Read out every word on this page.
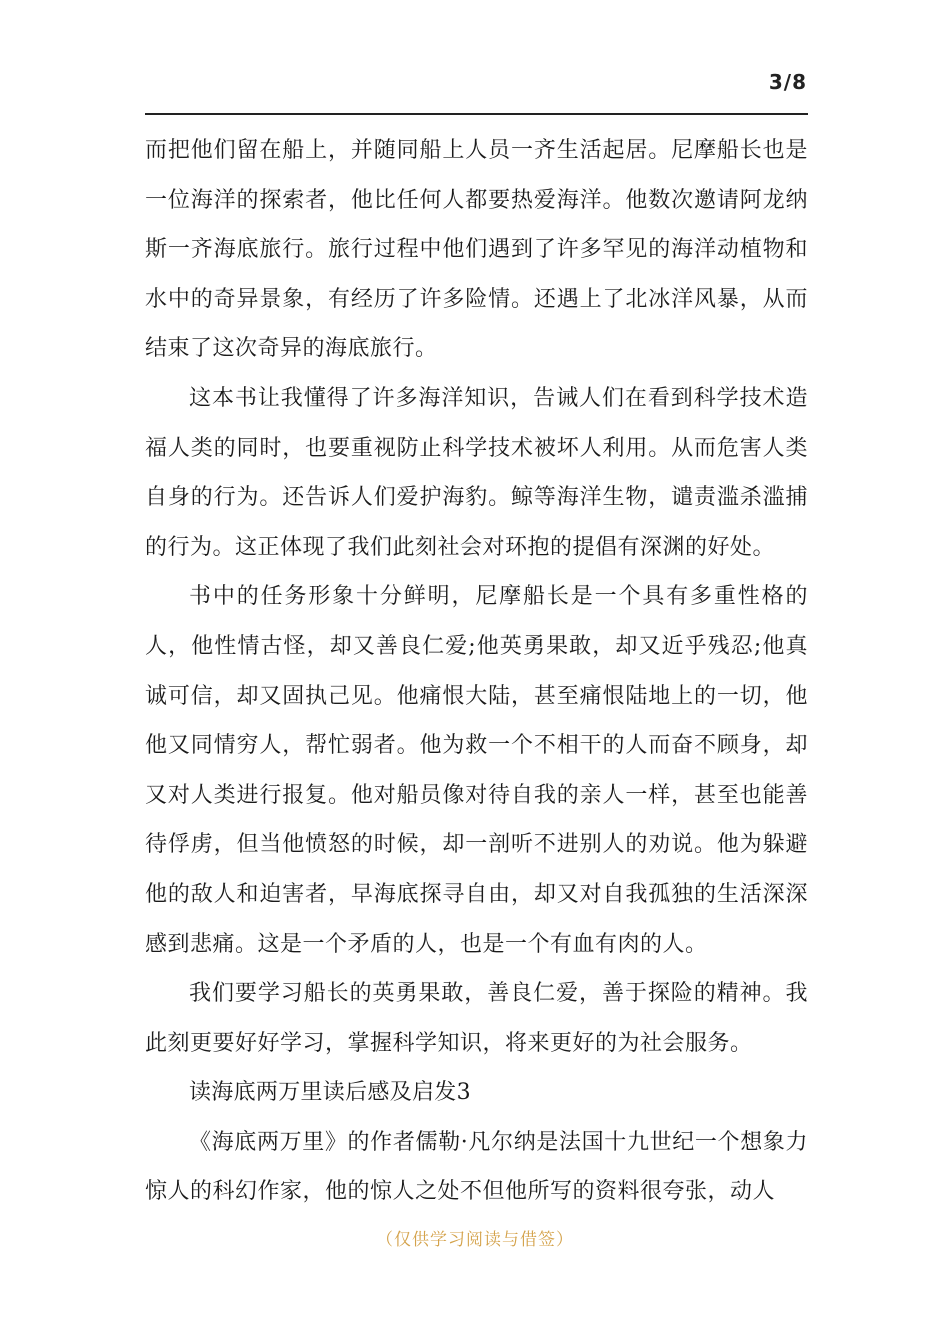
3/8

而把他们留在船上，并随同船上人员一齐生活起居。尼摩船长也是一位海洋的探索者，他比任何人都要热爱海洋。他数次邀请阿龙纳斯一齐海底旅行。旅行过程中他们遇到了许多罕见的海洋动植物和水中的奇异景象，有经历了许多险情。还遇上了北冰洋风暴，从而结束了这次奇异的海底旅行。

这本书让我懂得了许多海洋知识，告诫人们在看到科学技术造福人类的同时，也要重视防止科学技术被坏人利用。从而危害人类自身的行为。还告诉人们爱护海豹。鲸等海洋生物，谴责滥杀滥捕的行为。这正体现了我们此刻社会对环抱的提倡有深渊的好处。

书中的任务形象十分鲜明，尼摩船长是一个具有多重性格的人，他性情古怪，却又善良仁爱;他英勇果敢，却又近乎残忍;他真诚可信，却又固执己见。他痛恨大陆，甚至痛恨陆地上的一切，他他又同情穷人，帮忙弱者。他为救一个不相干的人而奋不顾身，却又对人类进行报复。他对船员像对待自我的亲人一样，甚至也能善待俘虏，但当他愤怒的时候，却一剖听不进别人的劝说。他为躲避他的敌人和迫害者，早海底探寻自由，却又对自我孤独的生活深深感到悲痛。这是一个矛盾的人，也是一个有血有肉的人。

我们要学习船长的英勇果敢，善良仁爱，善于探险的精神。我此刻更要好好学习，掌握科学知识，将来更好的为社会服务。

读海底两万里读后感及启发3

《海底两万里》的作者儒勒·凡尔纳是法国十九世纪一个想象力惊人的科幻作家，他的惊人之处不但他所写的资料很夸张，动人

（仅供学习阅读与借签）
